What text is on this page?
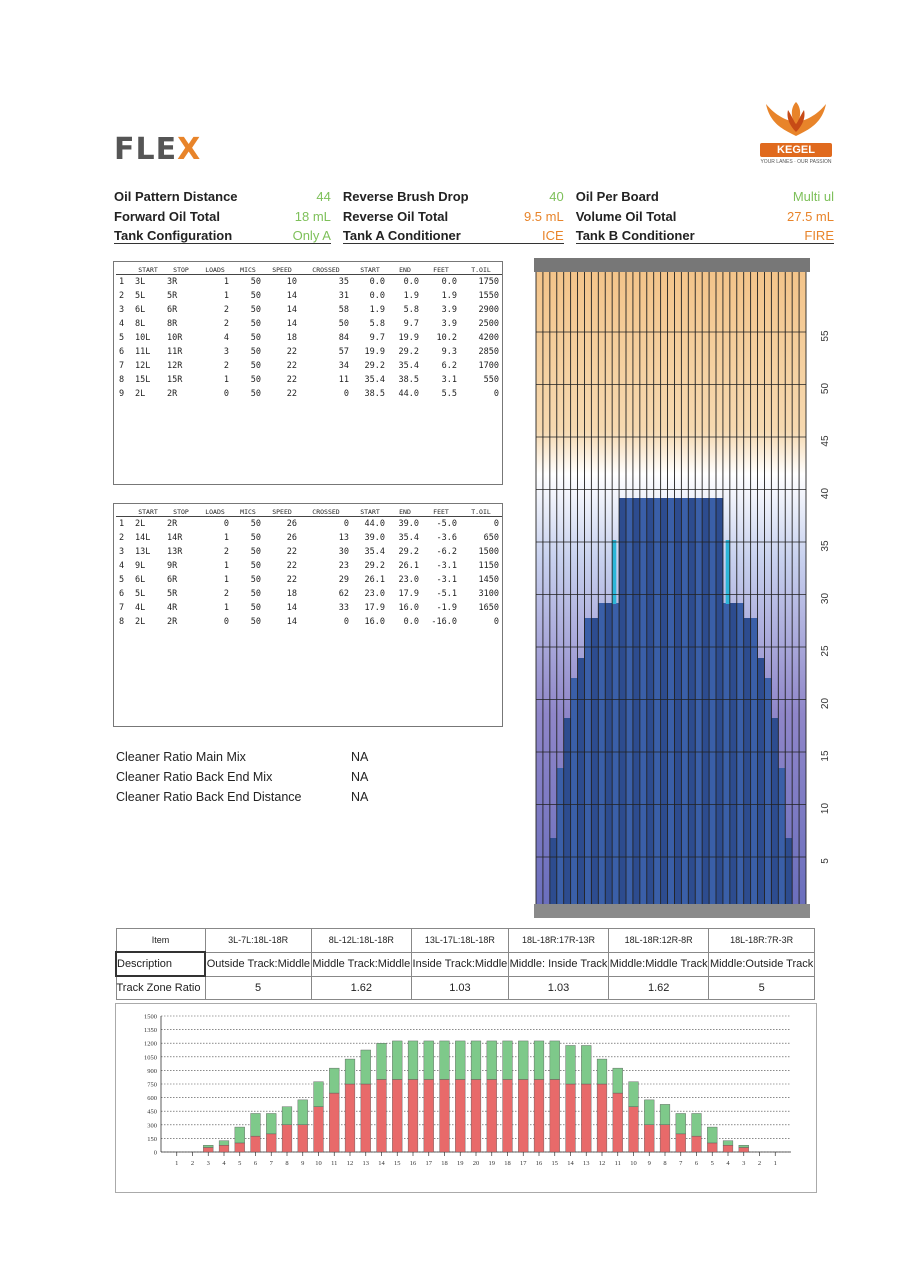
FLEX	KEGEL
YOUR LANES · OUR PASSION
Oil Pattern Distance	44 Reverse Brush Drop	40 Oil Per Board	Multi ul
Forward Oil Total	18 mL Reverse Oil Total	9.5 mL Volume Oil Total	27.5 mL
Tank Configuration	Only A Tank A Conditioner	ICE Tank B Conditioner	FIRE
	START	STOP	LOADS	MICS	SPEED	CROSSED	START	END	FEET	T.OIL
1	3L	3R	1	50	10	35	0.0	0.0	0.0	1750
2	5L	5R	1	50	14	31	0.0	1.9	1.9	1550
3	6L	6R	2	50	14	58	1.9	5.8	3.9	2900
4	8L	8R	2	50	14	50	5.8	9.7	3.9	2500
5	10L	10R	4	50	18	84	9.7	19.9	10.2	4200
6	11L	11R	3	50	22	57	19.9	29.2	9.3	2850
7	12L	12R	2	50	22	34	29.2	35.4	6.2	1700
8	15L	15R	1	50	22	11	35.4	38.5	3.1	550
9	2L	2R	0	50	22	0	38.5	44.0	5.5	0
	START	STOP	LOADS	MICS	SPEED	CROSSED	START	END	FEET	T.OIL
1	2L	2R	0	50	26	0	44.0	39.0	-5.0	0
2	14L	14R	1	50	26	13	39.0	35.4	-3.6	650
3	13L	13R	2	50	22	30	35.4	29.2	-6.2	1500
4	9L	9R	1	50	22	23	29.2	26.1	-3.1	1150
5	6L	6R	1	50	22	29	26.1	23.0	-3.1	1450
6	5L	5R	2	50	18	62	23.0	17.9	-5.1	3100
7	4L	4R	1	50	14	33	17.9	16.0	-1.9	1650
8	2L	2R	0	50	14	0	16.0	0.0	-16.0	0
Cleaner Ratio Main Mix	NA
Cleaner Ratio Back End Mix	NA
Cleaner Ratio Back End Distance	NA
55
50
45
40
35
30
25
20
15
10
5
Item	3L-7L:18L-18R	8L-12L:18L-18R	13L-17L:18L-18R	18L-18R:17R-13R	18L-18R:12R-8R	18L-18R:7R-3R
Description	Outside Track:Middle	Middle Track:Middle	Inside Track:Middle	Middle: Inside Track	Middle:Middle Track	Middle:Outside Track
Track Zone Ratio	5	1.62	1.03	1.03	1.62	5
1500
1350
1200
1050
900
750
600
450
300
150
0
1 2 3 4 5 6 7 8 9 10 11 12 13 14 15 16 17 18 19 20 19 18 17 16 15 14 13 12 11 10 9 8 7 6 5 4 3 2 1
